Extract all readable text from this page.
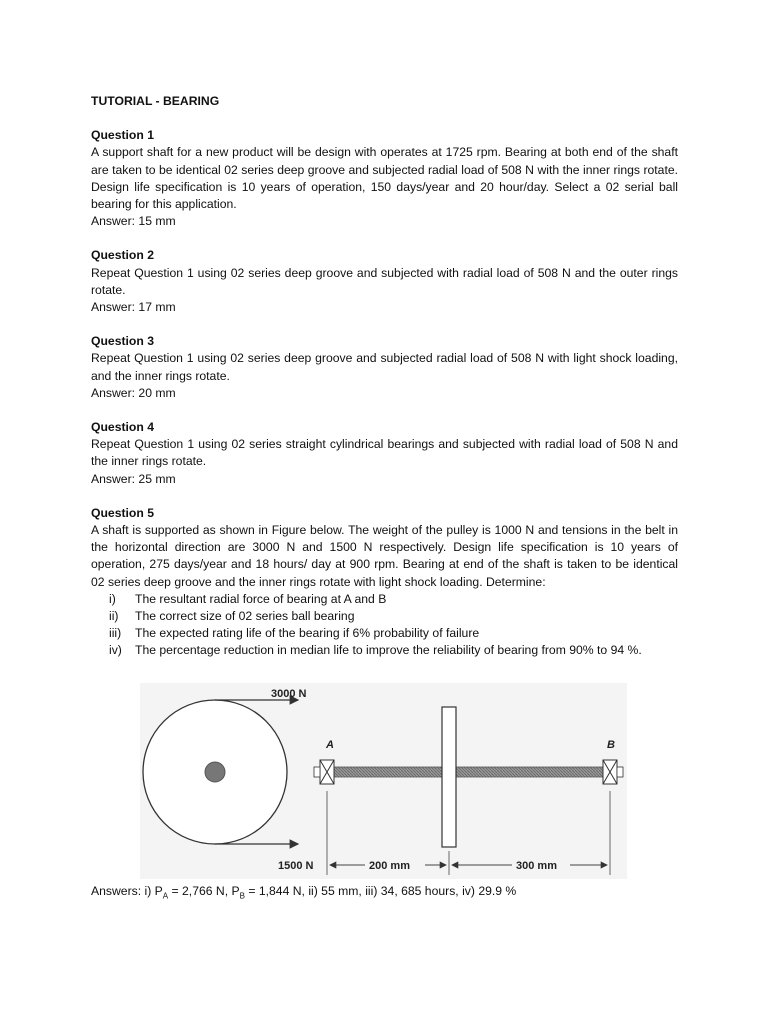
TUTORIAL - BEARING
Question 1
A support shaft for a new product will be design with operates at 1725 rpm. Bearing at both end of the shaft are taken to be identical 02 series deep groove and subjected radial load of 508 N with the inner rings rotate. Design life specification is 10 years of operation, 150 days/year and 20 hour/day. Select a 02 serial ball bearing for this application.
Answer: 15 mm
Question 2
Repeat Question 1 using 02 series deep groove and subjected with radial load of 508 N and the outer rings rotate.
Answer: 17 mm
Question 3
Repeat Question 1 using 02 series deep groove and subjected radial load of 508 N with light shock loading, and the inner rings rotate.
Answer: 20 mm
Question 4
Repeat Question 1 using 02 series straight cylindrical bearings and subjected with radial load of 508 N and the inner rings rotate.
Answer: 25 mm
Question 5
A shaft is supported as shown in Figure below. The weight of the pulley is 1000 N and tensions in the belt in the horizontal direction are 3000 N and 1500 N respectively. Design life specification is 10 years of operation, 275 days/year and 18 hours/ day at 900 rpm. Bearing at end of the shaft is taken to be identical 02 series deep groove and the inner rings rotate with light shock loading. Determine:
i)	The resultant radial force of bearing at A and B
ii)	The correct size of 02 series ball bearing
iii)	The expected rating life of the bearing if 6% probability of failure
iv)	The percentage reduction in median life to improve the reliability of bearing from 90% to 94 %.
3000 N
1500 N
A	B
200 mm	300 mm
Answers: i) $P_A = 2,766$ N, $P_B = 1,844$ N, ii) 55 mm, iii) 34, 685 hours, iv) 29.9 %
